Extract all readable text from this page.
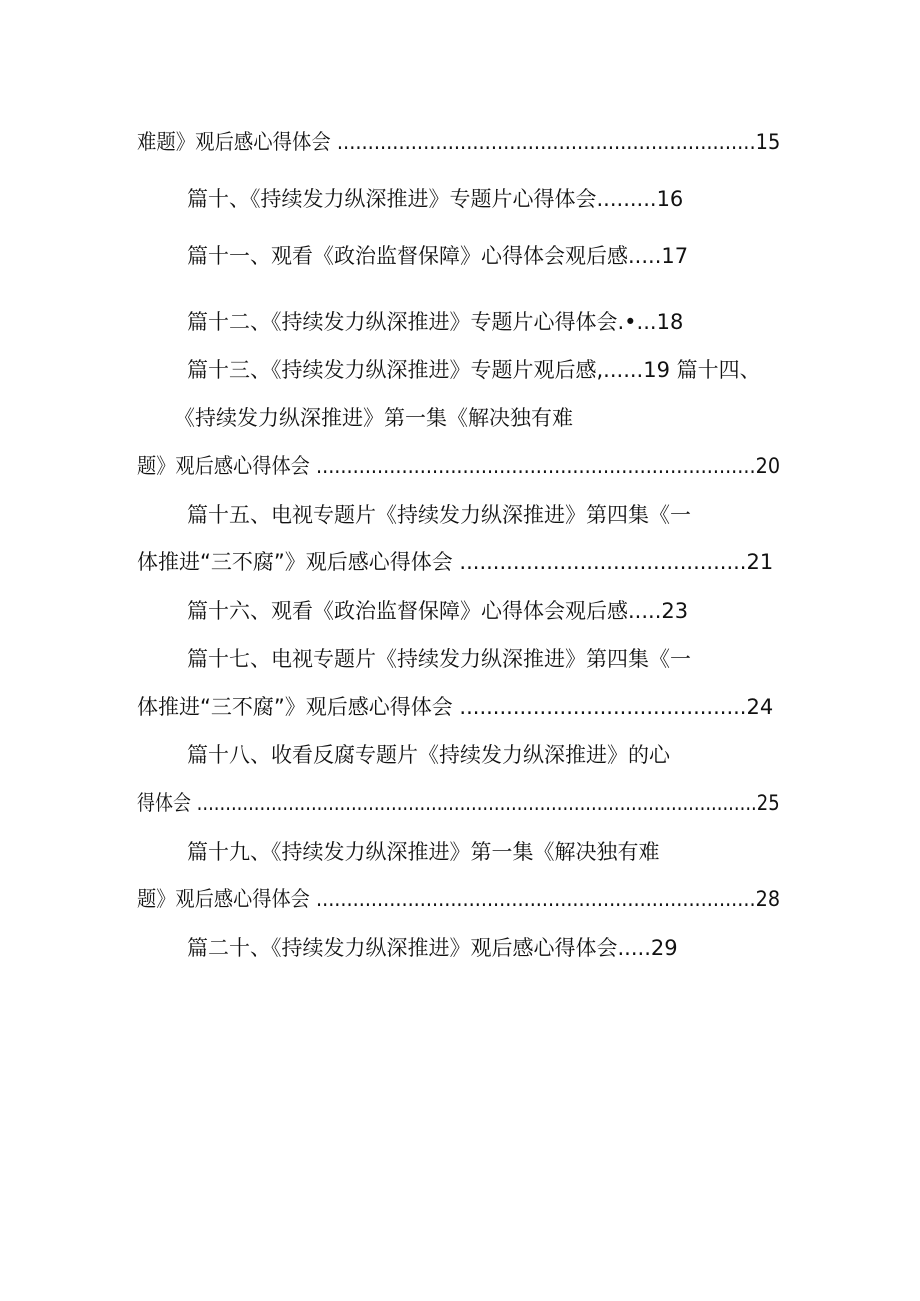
难题》观后感心得体会 ....................................................................15
篇十、《持续发力纵深推进》专题片心得体会.........16
篇十一、观看《政治监督保障》心得体会观后感.....17
篇十二、《持续发力纵深推进》专题片心得体会.•...18
篇十三、《持续发力纵深推进》专题片观后感,......19 篇十四、
《持续发力纵深推进》第一集《解决独有难
题》观后感心得体会 ........................................................................20
篇十五、电视专题片《持续发力纵深推进》第四集《一
体推进“三不腐”》观后感心得体会 ...........................................21
篇十六、观看《政治监督保障》心得体会观后感.....23
篇十七、电视专题片《持续发力纵深推进》第四集《一
体推进“三不腐”》观后感心得体会 ...........................................24
篇十八、收看反腐专题片《持续发力纵深推进》的心
得体会 ..................................................................................................25
篇十九、《持续发力纵深推进》第一集《解决独有难
题》观后感心得体会 ........................................................................28
篇二十、《持续发力纵深推进》观后感心得体会.....29
